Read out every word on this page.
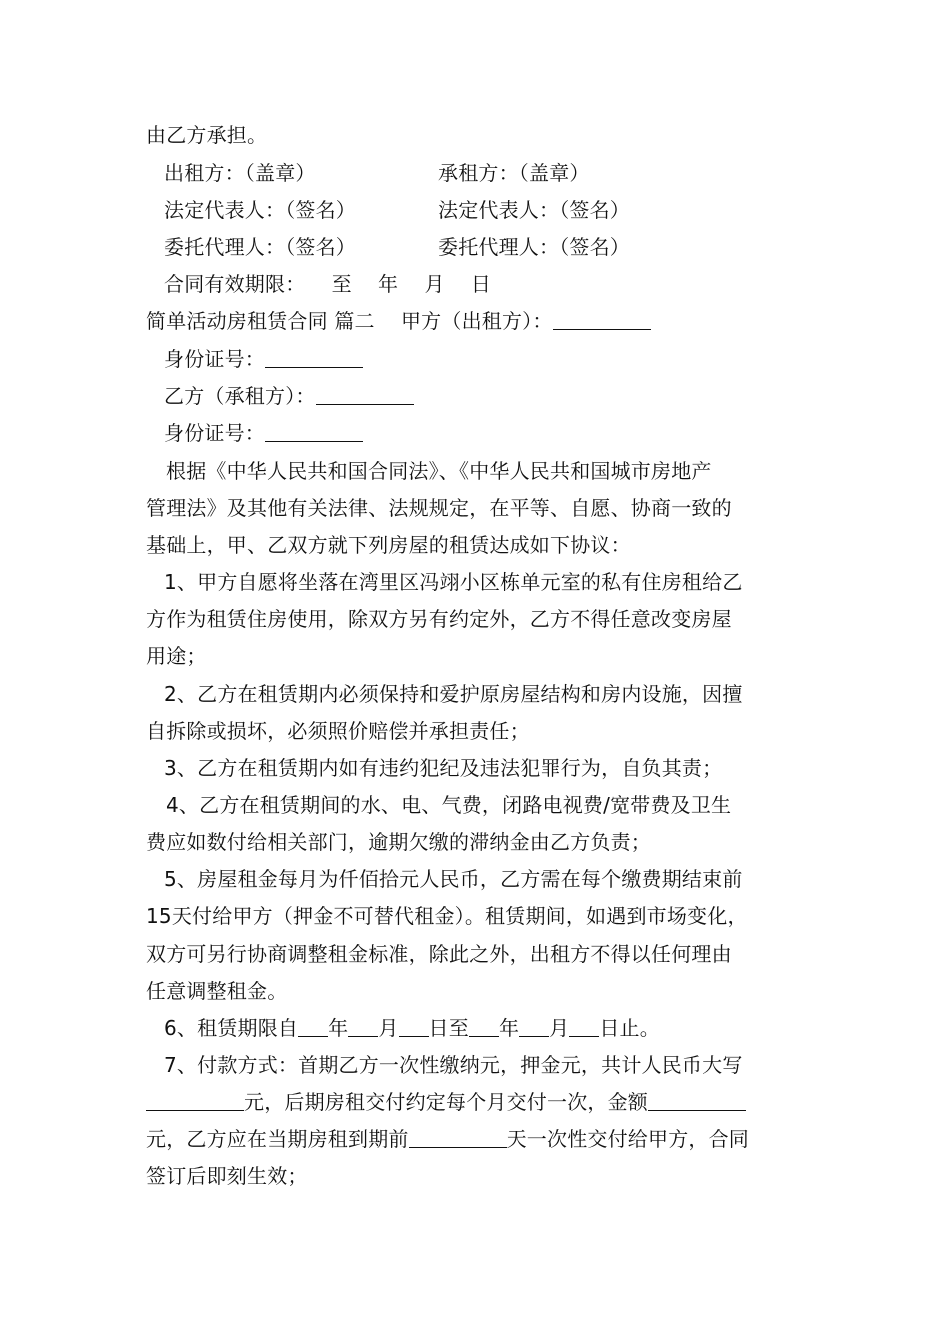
由乙方承担。
出租方：（盖章）	承租方：（盖章）
法定代表人：（签名）	法定代表人：（签名）
委托代理人：（签名）	委托代理人：（签名）
合同有效期限：    至    年    月    日
简单活动房租赁合同 篇二    甲方（出租方）：
身份证号：
乙方（承租方）：
身份证号：
根据《中华人民共和国合同法》、《中华人民共和国城市房地产
管理法》及其他有关法律、法规规定，在平等、自愿、协商一致的
基础上，甲、乙双方就下列房屋的租赁达成如下协议：
1、甲方自愿将坐落在湾里区冯翊小区栋单元室的私有住房租给乙
方作为租赁住房使用，除双方另有约定外，乙方不得任意改变房屋
用途；
2、乙方在租赁期内必须保持和爱护原房屋结构和房内设施，因擅
自拆除或损坏，必须照价赔偿并承担责任；
3、乙方在租赁期内如有违约犯纪及违法犯罪行为，自负其责；
4、乙方在租赁期间的水、电、气费，闭路电视费/宽带费及卫生
费应如数付给相关部门，逾期欠缴的滞纳金由乙方负责；
5、房屋租金每月为仟佰拾元人民币，乙方需在每个缴费期结束前
15天付给甲方（押金不可替代租金）。租赁期间，如遇到市场变化，
双方可另行协商调整租金标准，除此之外，出租方不得以任何理由
任意调整租金。
6、租赁期限自 年 月 日至 年 月 日止。
7、付款方式：首期乙方一次性缴纳元，押金元，共计人民币大写
元，后期房租交付约定每个月交付一次，金额
元，乙方应在当期房租到期前	天一次性交付给甲方，合同
签订后即刻生效；
